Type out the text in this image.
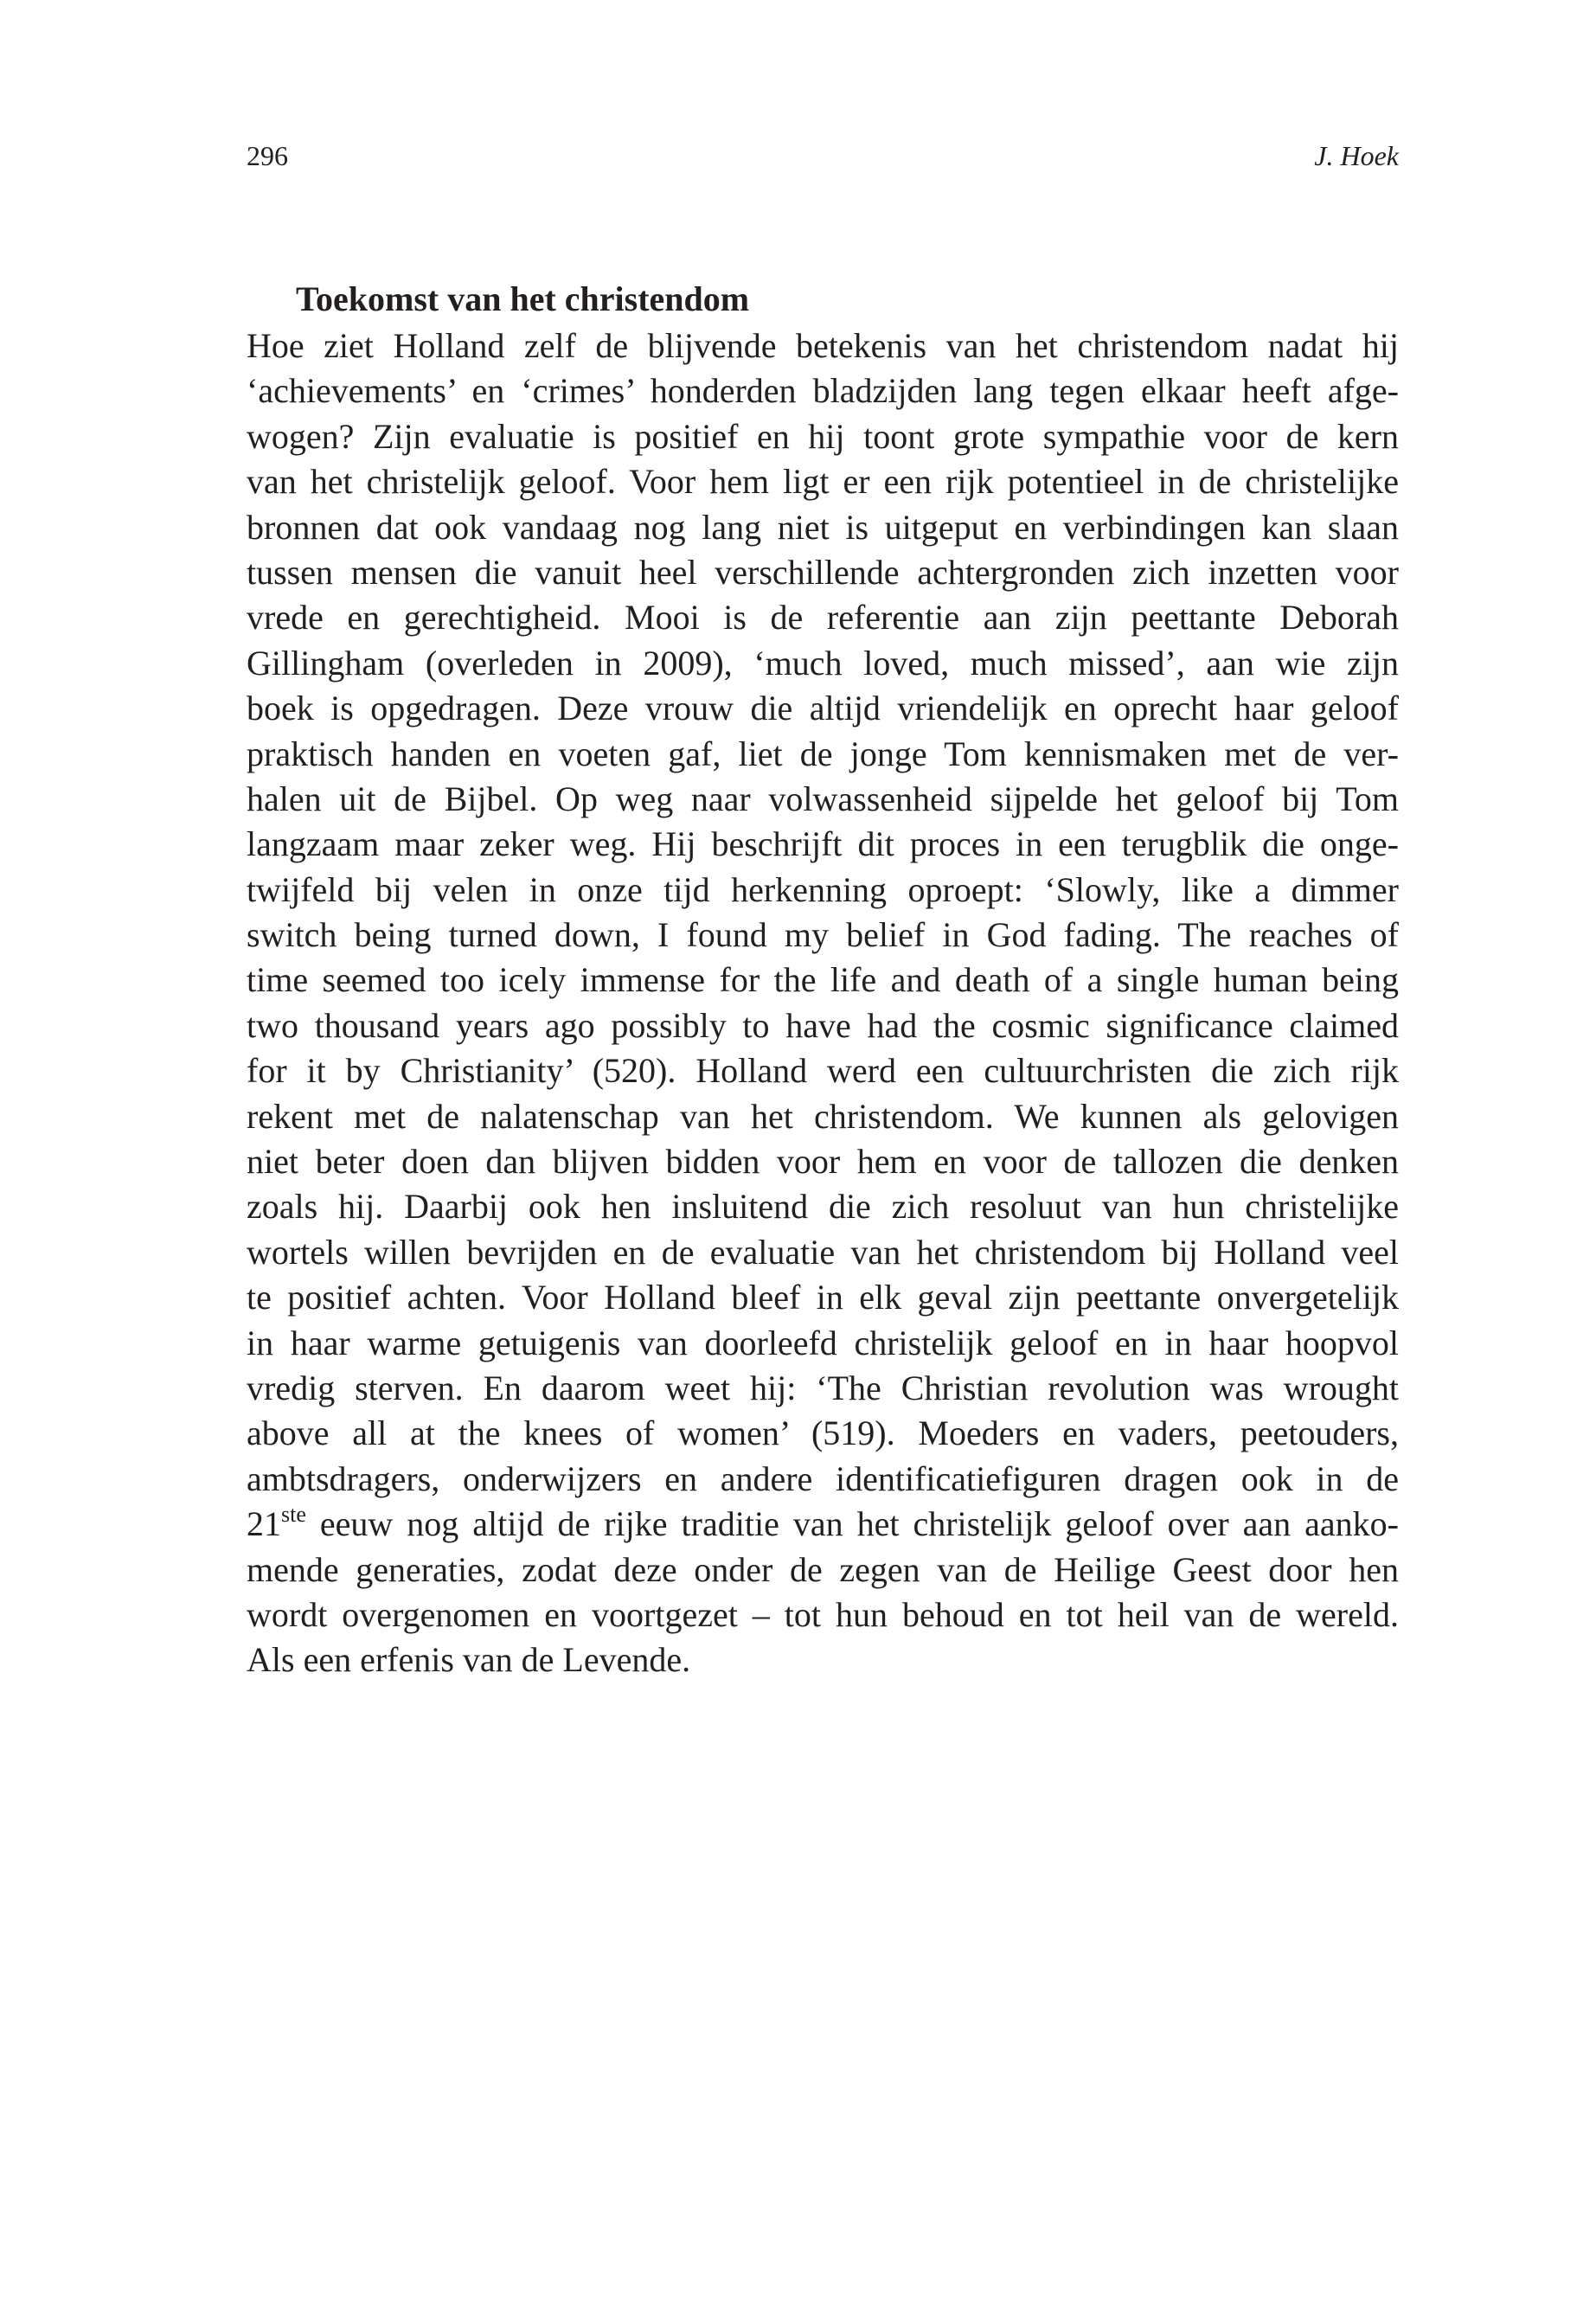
296	J. Hoek
Toekomst van het christendom
Hoe ziet Holland zelf de blijvende betekenis van het christendom nadat hij
‘achievements’ en ‘crimes’ honderden bladzijden lang tegen elkaar heeft afge-
wogen? Zijn evaluatie is positief en hij toont grote sympathie voor de kern
van het christelijk geloof. Voor hem ligt er een rijk potentieel in de christelijke
bronnen dat ook vandaag nog lang niet is uitgeput en verbindingen kan slaan
tussen mensen die vanuit heel verschillende achtergronden zich inzetten voor
vrede en gerechtigheid. Mooi is de referentie aan zijn peettante Deborah
Gillingham (overleden in 2009), ‘much loved, much missed’, aan wie zijn
boek is opgedragen. Deze vrouw die altijd vriendelijk en oprecht haar geloof
praktisch handen en voeten gaf, liet de jonge Tom kennismaken met de ver-
halen uit de Bijbel. Op weg naar volwassenheid sijpelde het geloof bij Tom
langzaam maar zeker weg. Hij beschrijft dit proces in een terugblik die onge-
twijfeld bij velen in onze tijd herkenning oproept: ‘Slowly, like a dimmer
switch being turned down, I found my belief in God fading. The reaches of
time seemed too icely immense for the life and death of a single human being
two thousand years ago possibly to have had the cosmic significance claimed
for it by Christianity’ (520). Holland werd een cultuurchristen die zich rijk
rekent met de nalatenschap van het christendom. We kunnen als gelovigen
niet beter doen dan blijven bidden voor hem en voor de tallozen die denken
zoals hij. Daarbij ook hen insluitend die zich resoluut van hun christelijke
wortels willen bevrijden en de evaluatie van het christendom bij Holland veel
te positief achten. Voor Holland bleef in elk geval zijn peettante onvergetelijk
in haar warme getuigenis van doorleefd christelijk geloof en in haar hoopvol
vredig sterven. En daarom weet hij: ‘The Christian revolution was wrought
above all at the knees of women’ (519). Moeders en vaders, peetouders,
ambtsdragers, onderwijzers en andere identificatiefiguren dragen ook in de
21ste eeuw nog altijd de rijke traditie van het christelijk geloof over aan aanko-
mende generaties, zodat deze onder de zegen van de Heilige Geest door hen
wordt overgenomen en voortgezet – tot hun behoud en tot heil van de wereld.
Als een erfenis van de Levende.
